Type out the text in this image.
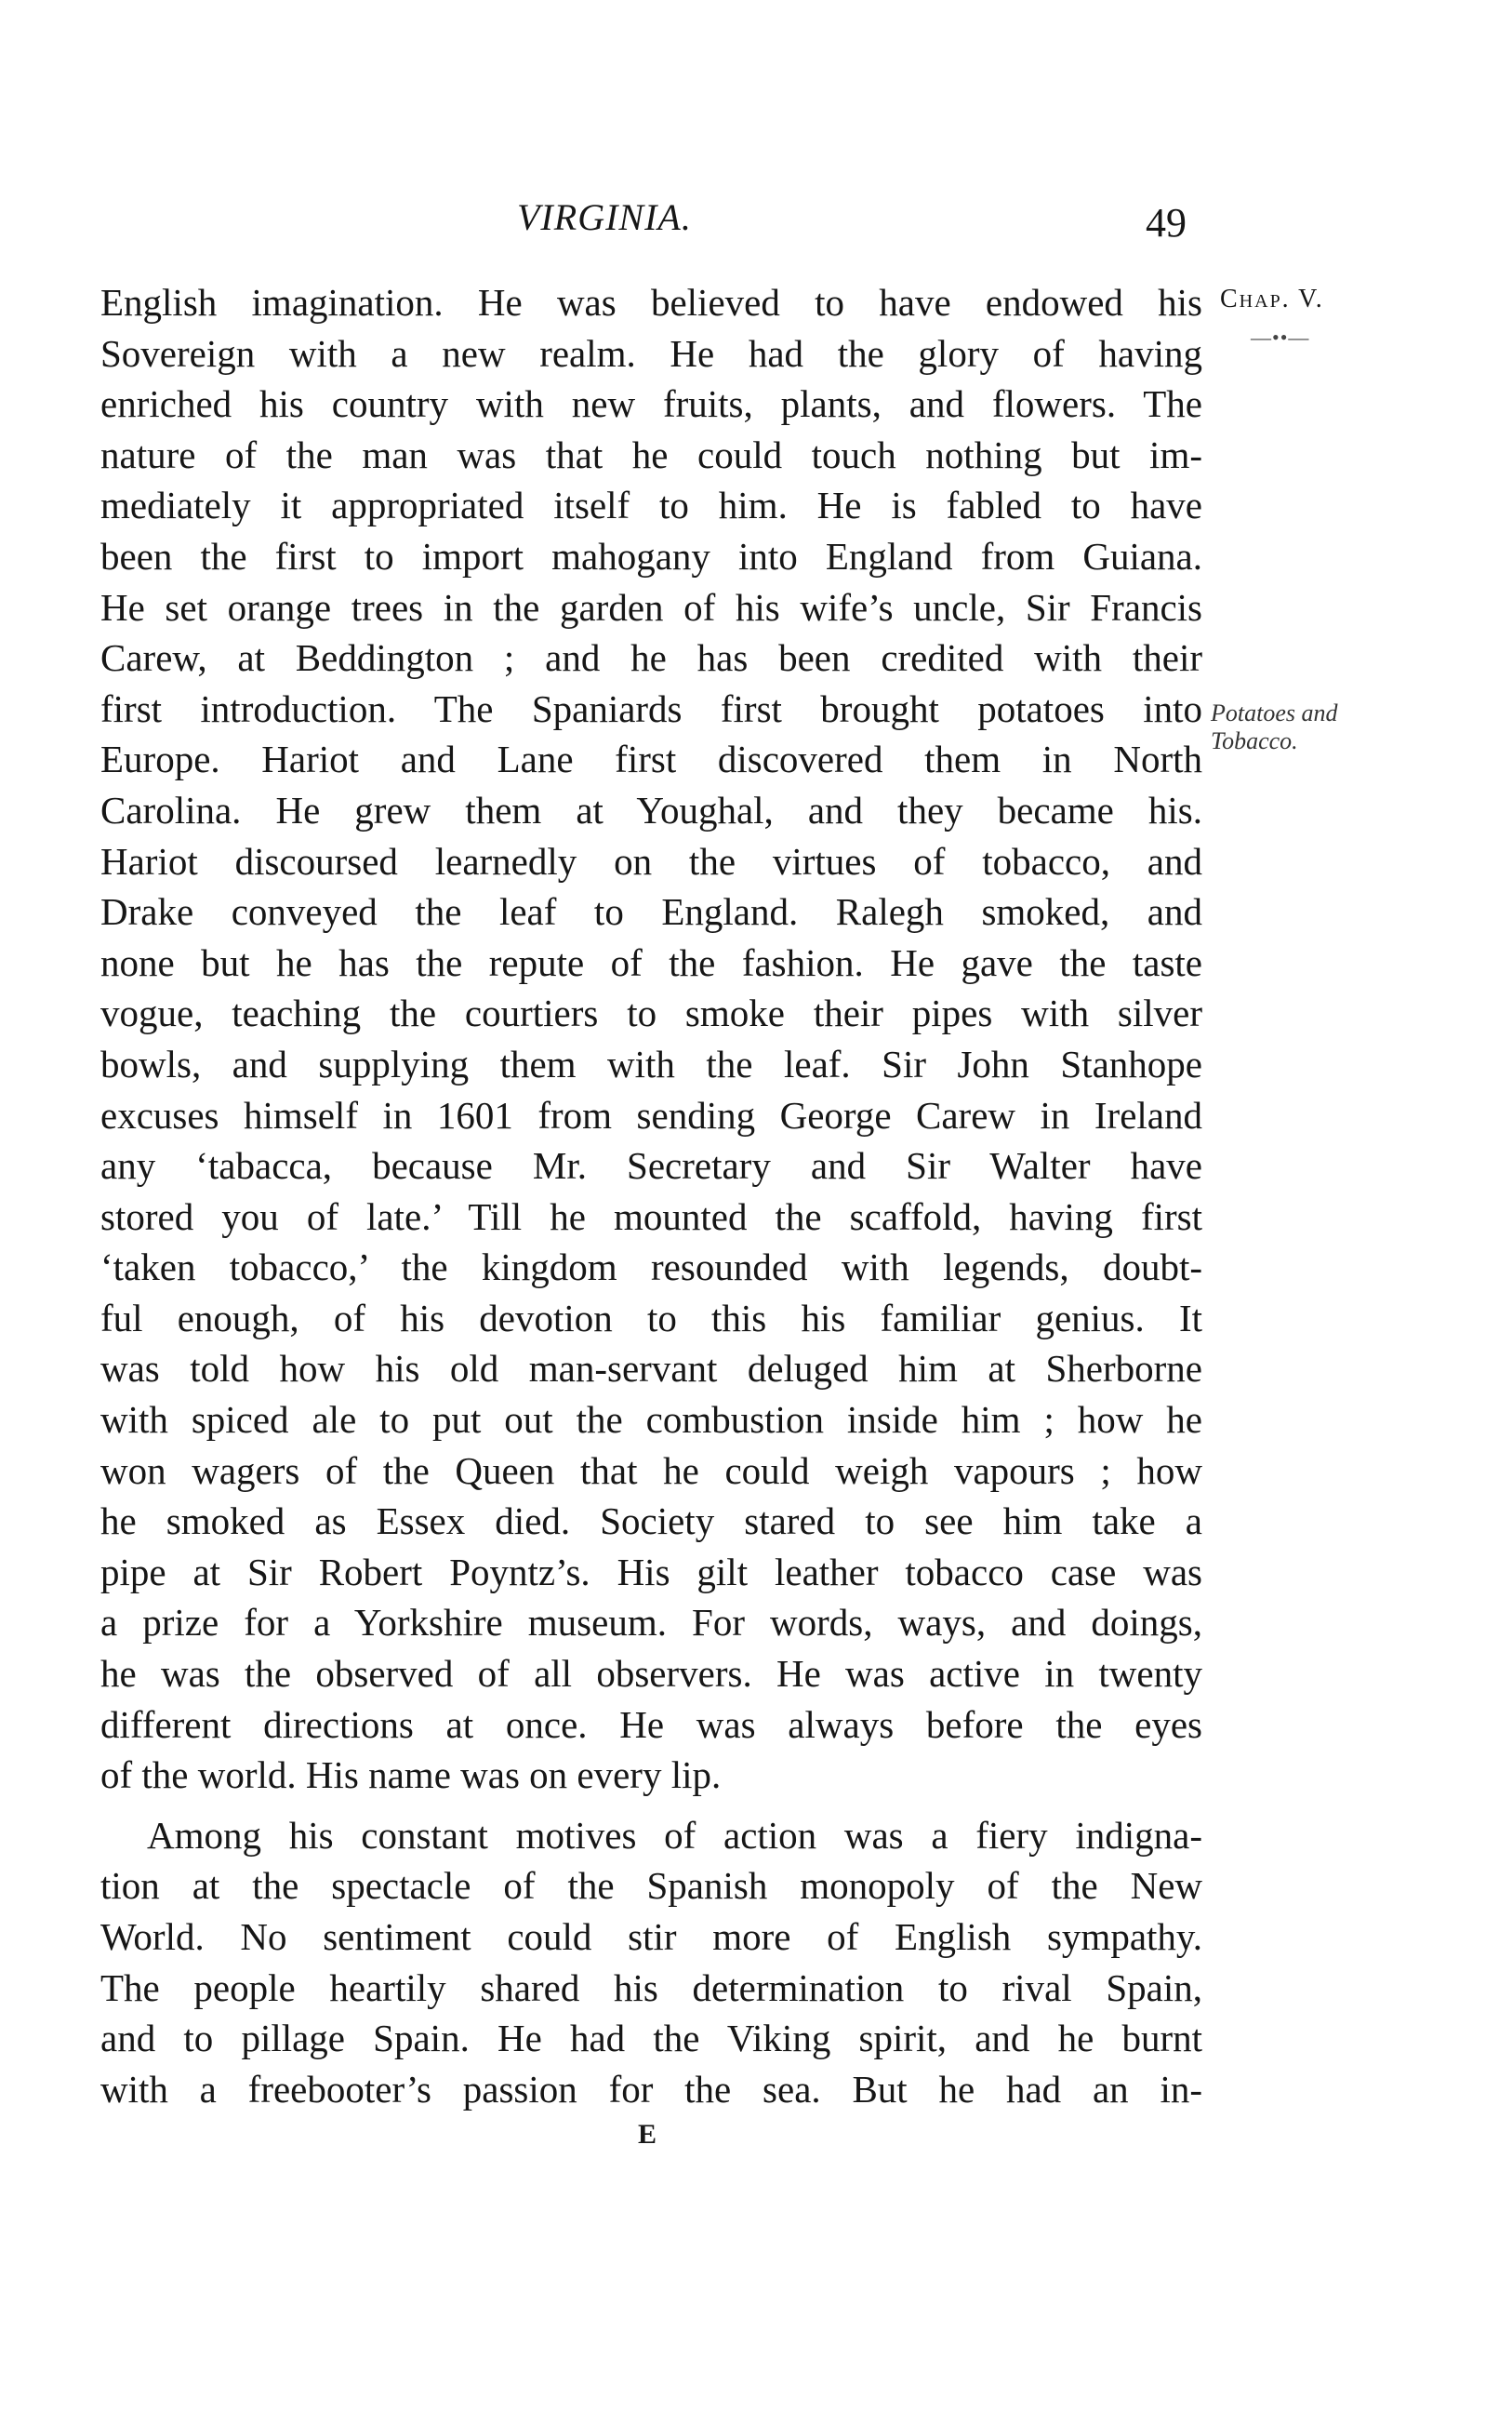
VIRGINIA.	49
Chap. V.
—••—
Potatoes and
Tobacco.
English imagination. He was believed to have endowed his
Sovereign with a new realm. He had the glory of having
enriched his country with new fruits, plants, and flowers. The
nature of the man was that he could touch nothing but im-
mediately it appropriated itself to him. He is fabled to have
been the first to import mahogany into England from Guiana.
He set orange trees in the garden of his wife’s uncle, Sir Francis
Carew, at Beddington ; and he has been credited with their
first introduction. The Spaniards first brought potatoes into
Europe. Hariot and Lane first discovered them in North
Carolina. He grew them at Youghal, and they became his.
Hariot discoursed learnedly on the virtues of tobacco, and
Drake conveyed the leaf to England. Ralegh smoked, and
none but he has the repute of the fashion. He gave the taste
vogue, teaching the courtiers to smoke their pipes with silver
bowls, and supplying them with the leaf. Sir John Stanhope
excuses himself in 1601 from sending George Carew in Ireland
any ‘tabacca, because Mr. Secretary and Sir Walter have
stored you of late.’ Till he mounted the scaffold, having first
‘taken tobacco,’ the kingdom resounded with legends, doubt-
ful enough, of his devotion to this his familiar genius. It
was told how his old man-servant deluged him at Sherborne
with spiced ale to put out the combustion inside him ; how he
won wagers of the Queen that he could weigh vapours ; how
he smoked as Essex died. Society stared to see him take a
pipe at Sir Robert Poyntz’s. His gilt leather tobacco case was
a prize for a Yorkshire museum. For words, ways, and doings,
he was the observed of all observers. He was active in twenty
different directions at once. He was always before the eyes
of the world. His name was on every lip.
Among his constant motives of action was a fiery indigna-
tion at the spectacle of the Spanish monopoly of the New
World. No sentiment could stir more of English sympathy.
The people heartily shared his determination to rival Spain,
and to pillage Spain. He had the Viking spirit, and he burnt
with a freebooter’s passion for the sea. But he had an in-
E
